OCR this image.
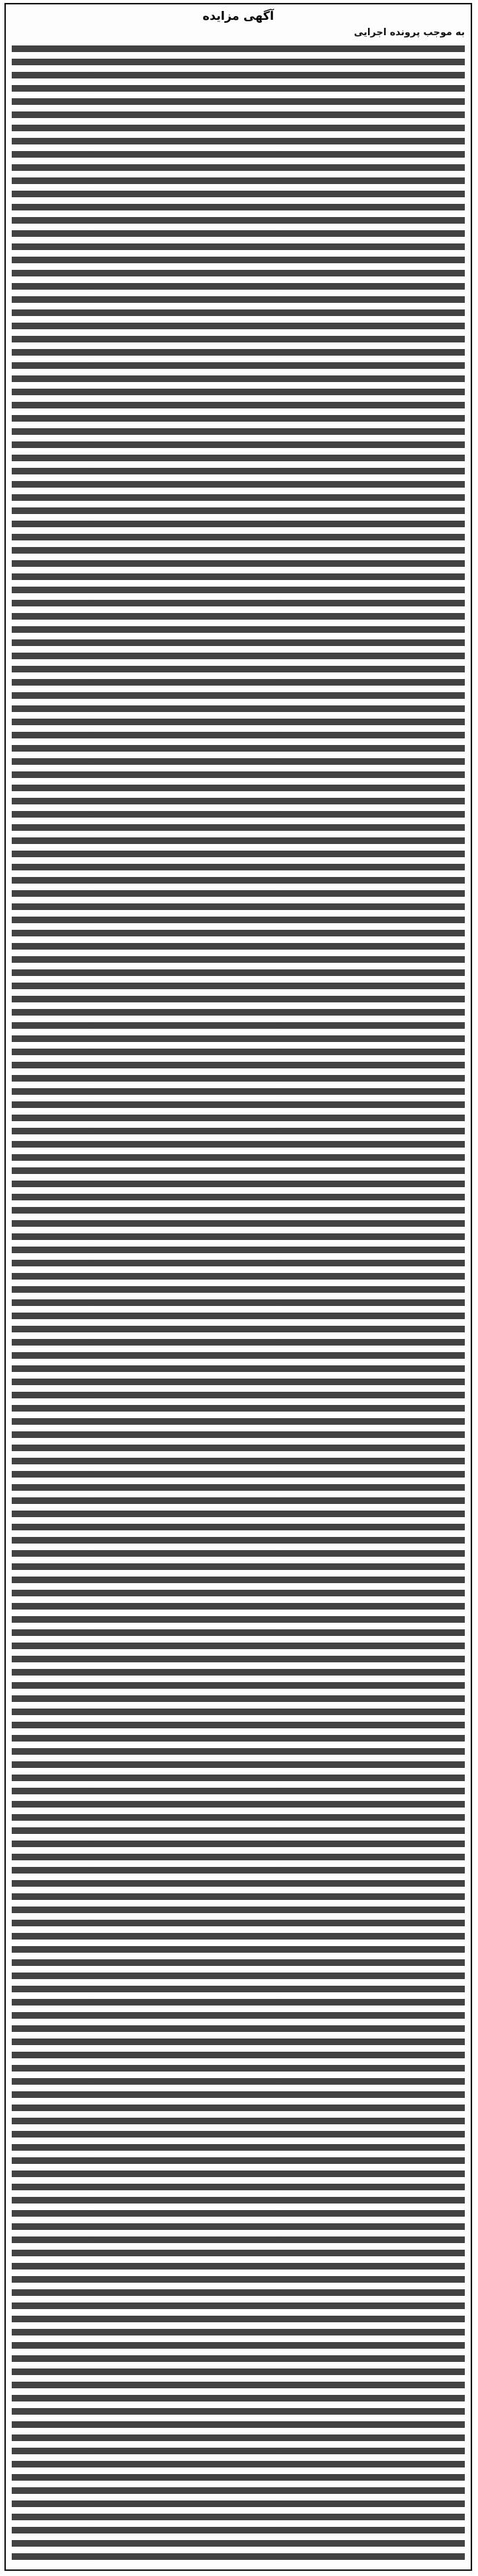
آگهی مزایده

به موجب پرونده اجرایی
